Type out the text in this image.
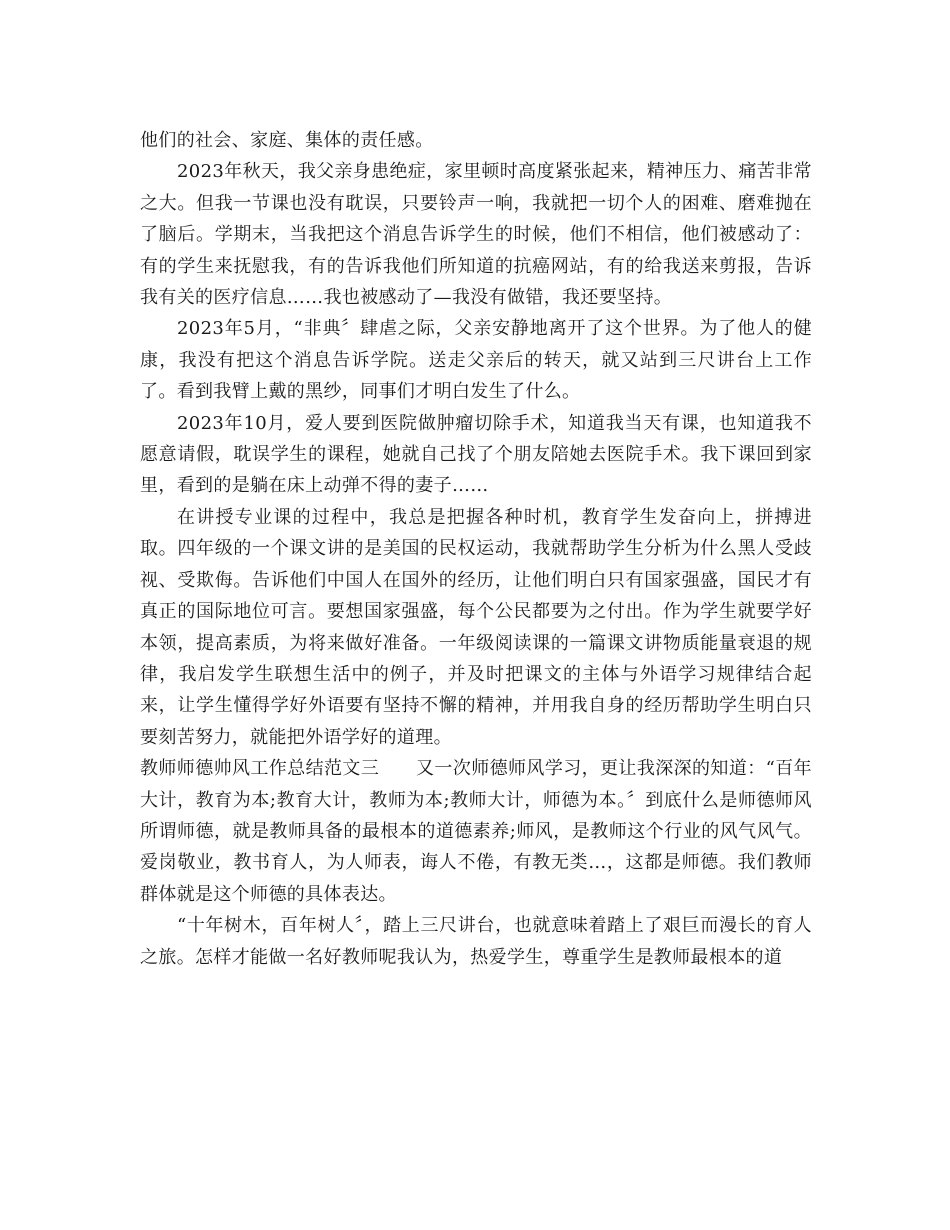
他们的社会、家庭、集体的责任感。

2023年秋天，我父亲身患绝症，家里顿时高度紧张起来，精神压力、痛苦非常之大。但我一节课也没有耽误，只要铃声一响，我就把一切个人的困难、磨难抛在了脑后。学期末，当我把这个消息告诉学生的时候，他们不相信，他们被感动了：有的学生来抚慰我，有的告诉我他们所知道的抗癌网站，有的给我送来剪报，告诉我有关的医疗信息……我也被感动了—我没有做错，我还要坚持。

2023年5月，“非典〞肆虐之际，父亲安静地离开了这个世界。为了他人的健康，我没有把这个消息告诉学院。送走父亲后的转天，就又站到三尺讲台上工作了。看到我臂上戴的黑纱，同事们才明白发生了什么。

2023年10月，爱人要到医院做肿瘤切除手术，知道我当天有课，也知道我不愿意请假，耽误学生的课程，她就自己找了个朋友陪她去医院手术。我下课回到家里，看到的是躺在床上动弹不得的妻子……

在讲授专业课的过程中，我总是把握各种时机，教育学生发奋向上，拼搏进取。四年级的一个课文讲的是美国的民权运动，我就帮助学生分析为什么黑人受歧视、受欺侮。告诉他们中国人在国外的经历，让他们明白只有国家强盛，国民才有真正的国际地位可言。要想国家强盛，每个公民都要为之付出。作为学生就要学好本领，提高素质，为将来做好准备。一年级阅读课的一篇课文讲物质能量衰退的规律，我启发学生联想生活中的例子，并及时把课文的主体与外语学习规律结合起来，让学生懂得学好外语要有坚持不懈的精神，并用我自身的经历帮助学生明白只要刻苦努力，就能把外语学好的道理。

教师师德帅风工作总结范文三　　又一次师德师风学习，更让我深深的知道：“百年大计，教育为本;教育大计，教师为本;教师大计，师德为本。〞到底什么是师德师风所谓师德，就是教师具备的最根本的道德素养;师风，是教师这个行业的风气风气。爱岗敬业，教书育人，为人师表，诲人不倦，有教无类…，这都是师德。我们教师群体就是这个师德的具体表达。

“十年树木，百年树人〞，踏上三尺讲台，也就意味着踏上了艰巨而漫长的育人之旅。怎样才能做一名好教师呢我认为，热爱学生，尊重学生是教师最根本的道
